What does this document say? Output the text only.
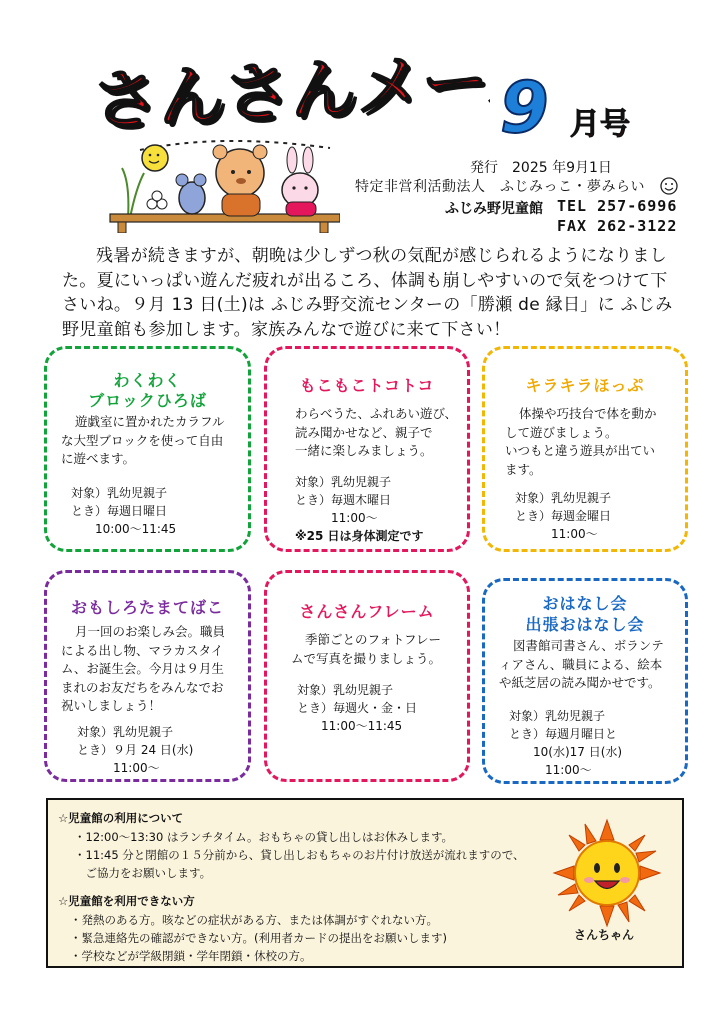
さんさんメール
さんさんメール
9 月号
発行　2025 年9月1日
特定非営利活動法人　ふじみっこ・夢みらい
ふじみ野児童館 TEL 257-6996
FAX 262-3122
残暑が続きますが、朝晩は少しずつ秋の気配が感じられるようになりました。夏にいっぱい遊んだ疲れが出るころ、体調も崩しやすいので気をつけて下さいね。９月 13 日(土)は ふじみ野交流センターの「勝瀬 de 縁日」に ふじみ野児童館も参加します。家族みんなで遊びに来て下さい！
わくわく
ブロックひろば
遊戯室に置かれたカラフル
な大型ブロックを使って自由
に遊べます。
対象）乳幼児親子
とき）毎週日曜日
　　10:00〜11:45
もこもこトコトコ
わらべうた、ふれあい遊び、
読み聞かせなど、親子で
一緒に楽しみましょう。
対象）乳幼児親子
とき）毎週木曜日
　　　11:00〜
※25 日は身体測定です
キラキラほっぷ
体操や巧技台で体を動か
して遊びましょう。
いつもと違う遊具が出てい
ます。
対象）乳幼児親子
とき）毎週金曜日
　　　11:00〜
おもしろたまてばこ
月一回のお楽しみ会。職員
による出し物、マラカスタイ
ム、お誕生会。今月は９月生
まれのお友だちをみんなでお
祝いしましょう！
対象）乳幼児親子
とき）９月 24 日(水)
　　　11:00〜
さんさんフレーム
季節ごとのフォトフレー
ムで写真を撮りましょう。
対象）乳幼児親子
とき）毎週火・金・日
　　11:00〜11:45
おはなし会
出張おはなし会
図書館司書さん、ボランテ
ィアさん、職員による、絵本
や紙芝居の読み聞かせです。
対象）乳幼児親子
とき）毎週月曜日と
　　10(水)17 日(水)
　　　11:00〜
☆児童館の利用について
・12:00〜13:30 はランチタイム。おもちゃの貸し出しはお休みします。
・11:45 分と閉館の１５分前から、貸し出しおもちゃのお片付け放送が流れますので、
　ご協力をお願いします。
☆児童館を利用できない方
・発熱のある方。咳などの症状がある方、または体調がすぐれない方。
・緊急連絡先の確認ができない方。(利用者カードの提出をお願いします)
・学校などが学級閉鎖・学年閉鎖・休校の方。
さんちゃん
